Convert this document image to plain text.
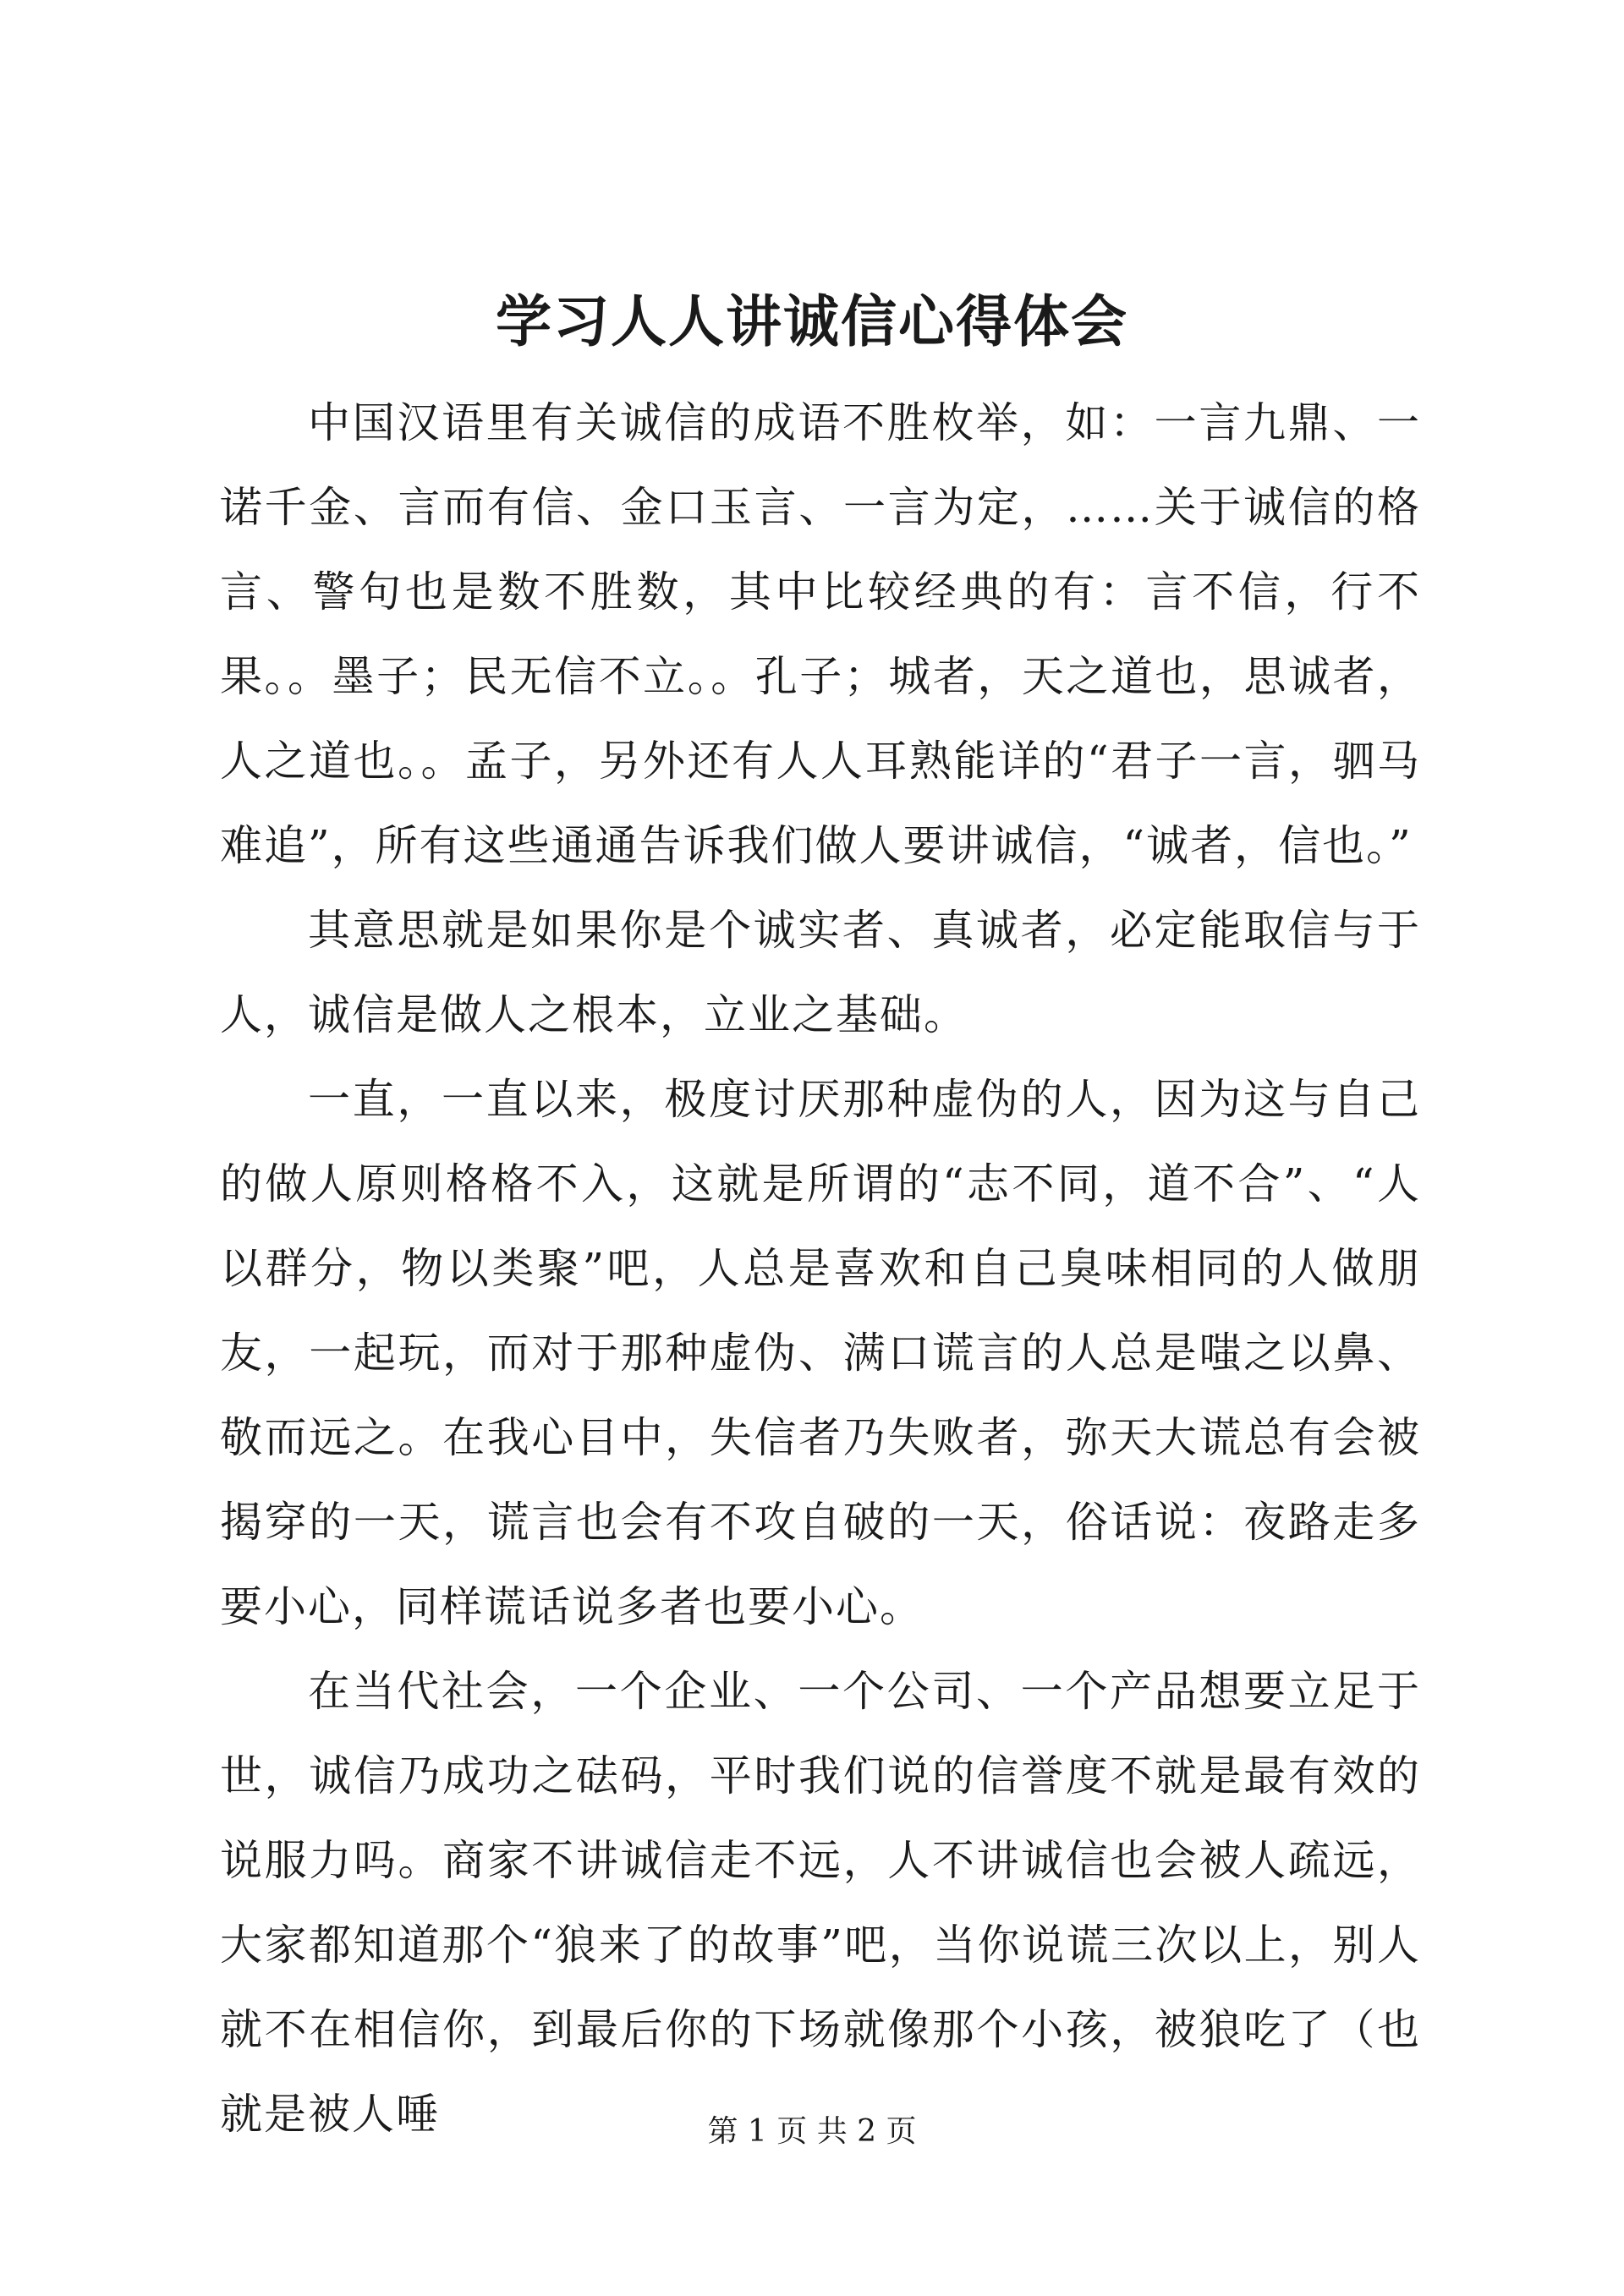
学习人人讲诚信心得体会

中国汉语里有关诚信的成语不胜枚举，如：一言九鼎、一诺千金、言而有信、金口玉言、一言为定，……关于诚信的格言、警句也是数不胜数，其中比较经典的有：言不信，行不果。。墨子；民无信不立。。孔子；城者，天之道也，思诚者，人之道也。。孟子，另外还有人人耳熟能详的“君子一言，驷马难追”，所有这些通通告诉我们做人要讲诚信，“诚者，信也。”

其意思就是如果你是个诚实者、真诚者，必定能取信与于人，诚信是做人之根本，立业之基础。

一直，一直以来，极度讨厌那种虚伪的人，因为这与自己的做人原则格格不入，这就是所谓的“志不同，道不合”、“人以群分，物以类聚”吧，人总是喜欢和自己臭味相同的人做朋友，一起玩，而对于那种虚伪、满口谎言的人总是嗤之以鼻、敬而远之。在我心目中，失信者乃失败者，弥天大谎总有会被揭穿的一天，谎言也会有不攻自破的一天，俗话说：夜路走多要小心，同样谎话说多者也要小心。

在当代社会，一个企业、一个公司、一个产品想要立足于世，诚信乃成功之砝码，平时我们说的信誉度不就是最有效的说服力吗。商家不讲诚信走不远，人不讲诚信也会被人疏远，大家都知道那个“狼来了的故事”吧，当你说谎三次以上，别人就不在相信你，到最后你的下场就像那个小孩，被狼吃了（也就是被人唾	第 1 页 共 2 页
